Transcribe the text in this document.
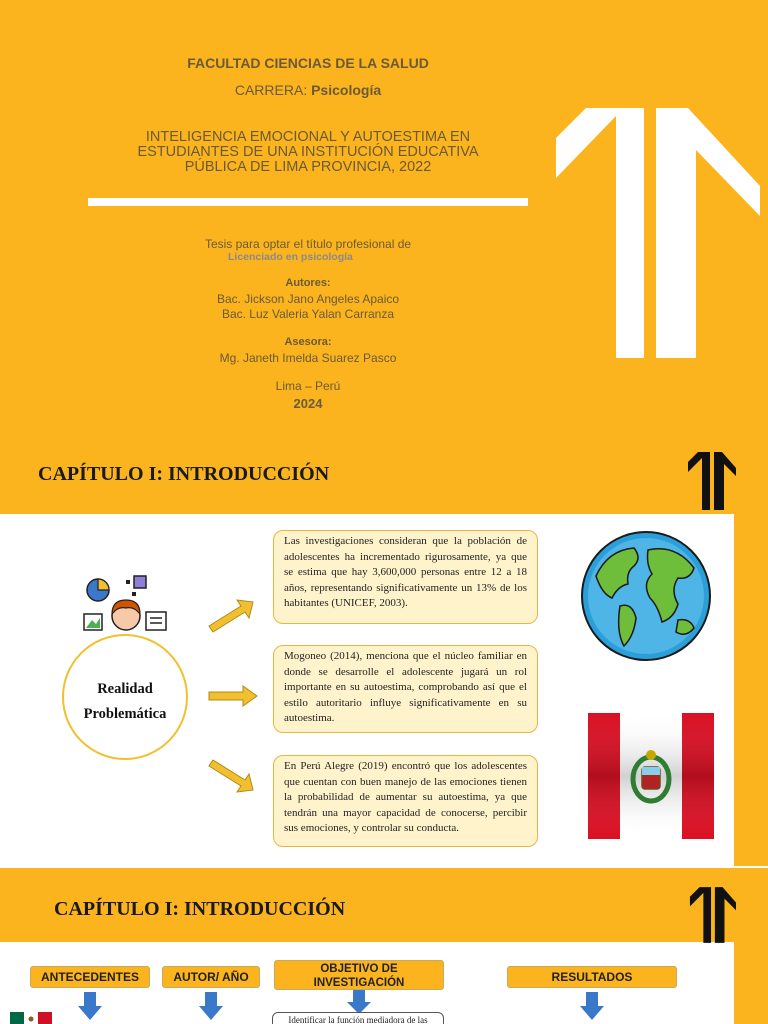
FACULTAD CIENCIAS DE LA SALUD
CARRERA: Psicología
INTELIGENCIA EMOCIONAL Y AUTOESTIMA EN
ESTUDIANTES DE UNA INSTITUCIÓN EDUCATIVA
PÚBLICA DE LIMA PROVINCIA, 2022
Tesis para optar el título profesional de
Licenciado en psicología
Autores:
Bac. Jickson Jano Angeles Apaico
Bac. Luz Valeria Yalan Carranza
Asesora:
Mg. Janeth Imelda Suarez Pasco
Lima – Perú
2024
CAPÍTULO I: INTRODUCCIÓN
Realidad
Problemática
Las investigaciones consideran que la población de adolescentes ha incrementado rigurosamente, ya que se estima que hay 3,600,000 personas entre 12 a 18 años, representando significativamente un 13% de los habitantes (UNICEF, 2003).
Mogoneo (2014), menciona que el núcleo familiar en donde se desarrolle el adolescente jugará un rol importante en su autoestima, comprobando así que el estilo autoritario influye significativamente en su autoestima.
En Perú Alegre (2019) encontró que los adolescentes que cuentan con buen manejo de las emociones tienen la probabilidad de aumentar su autoestima, ya que tendrán una mayor capacidad de conocerse, percibir sus emociones, y controlar su conducta.
CAPÍTULO I: INTRODUCCIÓN
ANTECEDENTES	AUTOR/ AÑO
OBJETIVO DE
INVESTIGACIÓN	RESULTADOS
Identificar la función mediadora de las
